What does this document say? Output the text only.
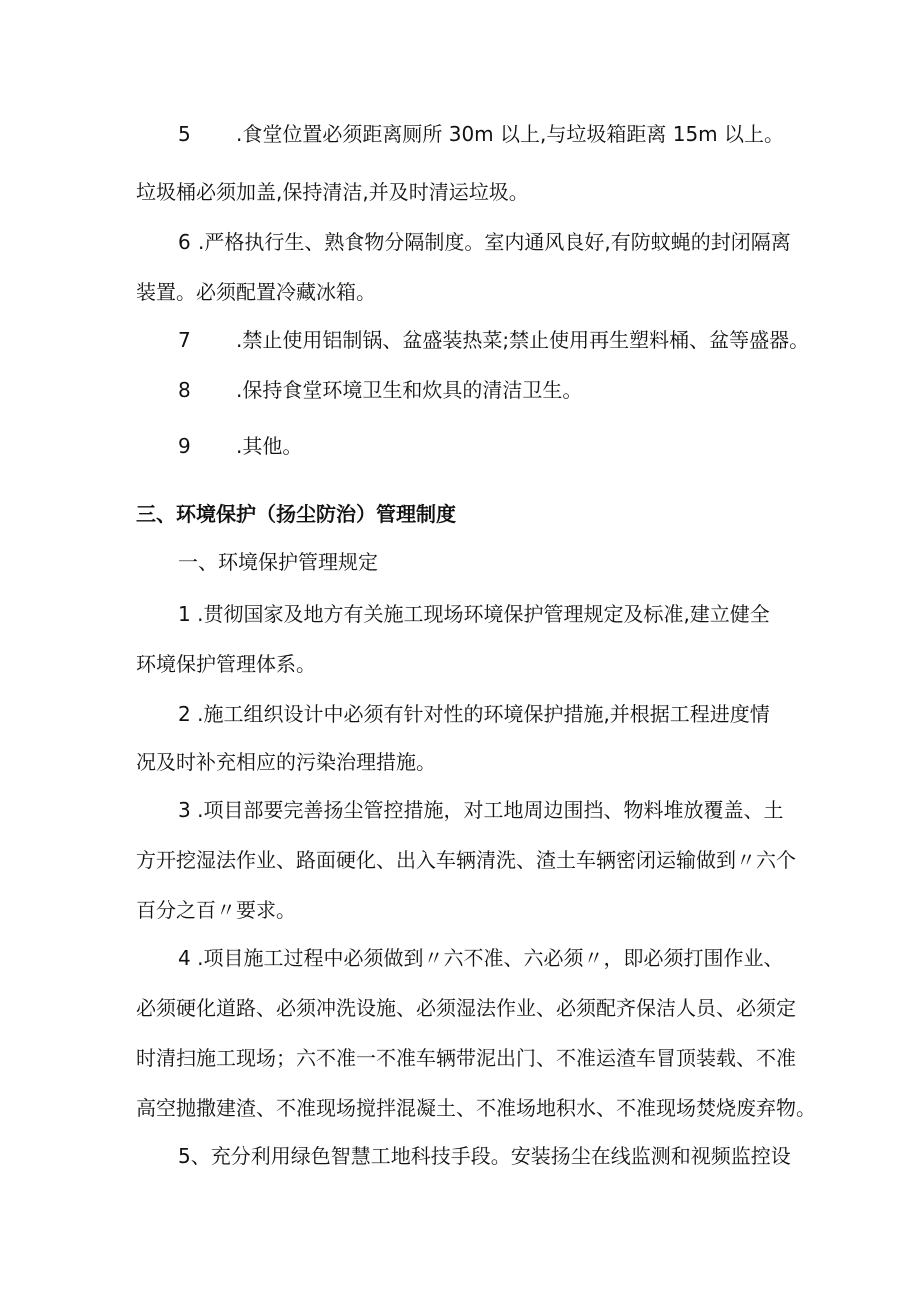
5 .食堂位置必须距离厕所 30m 以上,与垃圾箱距离 15m 以上。
垃圾桶必须加盖,保持清洁,并及时清运垃圾。
6 .严格执行生、熟食物分隔制度。室内通风良好,有防蚊蝇的封闭隔离
装置。必须配置冷藏冰箱。
7 .禁止使用铝制锅、盆盛装热菜;禁止使用再生塑料桶、盆等盛器。
8 .保持食堂环境卫生和炊具的清洁卫生。
9 .其他。
三、环境保护（扬尘防治）管理制度
一、环境保护管理规定
1 .贯彻国家及地方有关施工现场环境保护管理规定及标准,建立健全
环境保护管理体系。
2 .施工组织设计中必须有针对性的环境保护措施,并根据工程进度情
况及时补充相应的污染治理措施。
3 .项目部要完善扬尘管控措施，对工地周边围挡、物料堆放覆盖、土
方开挖湿法作业、路面硬化、出入车辆清洗、渣土车辆密闭运输做到〃六个
百分之百〃要求。
4 .项目施工过程中必须做到〃六不准、六必须〃，即必须打围作业、
必须硬化道路、必须冲洗设施、必须湿法作业、必须配齐保洁人员、必须定
时清扫施工现场；六不准一不准车辆带泥出门、不准运渣车冒顶装载、不准
高空抛撒建渣、不准现场搅拌混凝土、不准场地积水、不准现场焚烧废弃物。
5、充分利用绿色智慧工地科技手段。安装扬尘在线监测和视频监控设
